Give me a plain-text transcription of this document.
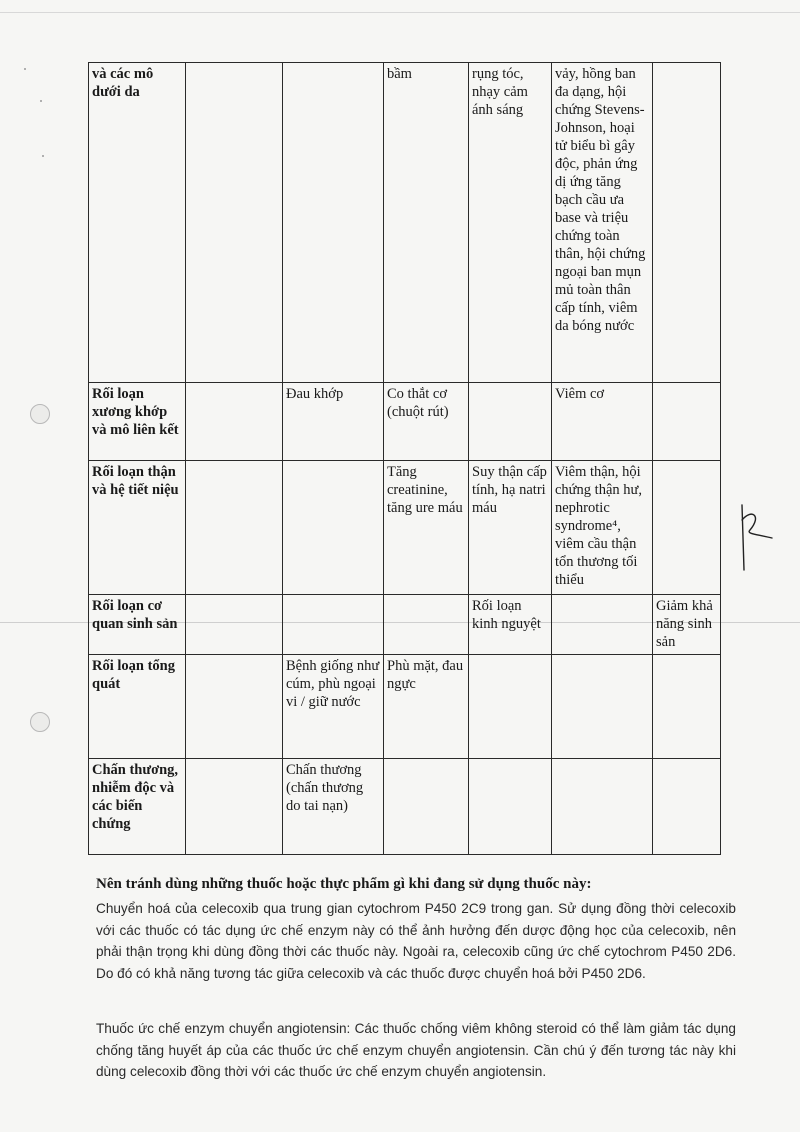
và các mô dưới da			bầm	rụng tóc, nhạy cảm ánh sáng	vảy, hồng ban đa dạng, hội chứng Stevens-Johnson, hoại tử biểu bì gây độc, phản ứng dị ứng tăng bạch cầu ưa base và triệu chứng toàn thân, hội chứng ngoại ban mụn mủ toàn thân cấp tính, viêm da bóng nước	
Rối loạn xương khớp và mô liên kết		Đau khớp	Co thắt cơ (chuột rút)		Viêm cơ	
Rối loạn thận và hệ tiết niệu			Tăng creatinine, tăng ure máu	Suy thận cấp tính, hạ natri máu	Viêm thận, hội chứng thận hư, nephrotic syndrome⁴, viêm cầu thận tổn thương tối thiểu	
Rối loạn cơ quan sinh sản				Rối loạn kinh nguyệt		Giảm khả năng sinh sản
Rối loạn tổng quát		Bệnh giống như cúm, phù ngoại vi / giữ nước	Phù mặt, đau ngực			
Chấn thương, nhiễm độc và các biến chứng		Chấn thương (chấn thương do tai nạn)				
Nên tránh dùng những thuốc hoặc thực phẩm gì khi đang sử dụng thuốc này:
Chuyển hoá của celecoxib qua trung gian cytochrom P450 2C9 trong gan. Sử dụng đồng thời celecoxib với các thuốc có tác dụng ức chế enzym này có thể ảnh hưởng đến dược động học của celecoxib, nên phải thận trọng khi dùng đồng thời các thuốc này. Ngoài ra, celecoxib cũng ức chế cytochrom P450 2D6. Do đó có khả năng tương tác giữa celecoxib và các thuốc được chuyển hoá bởi P450 2D6.
Thuốc ức chế enzym chuyển angiotensin: Các thuốc chống viêm không steroid có thể làm giảm tác dụng chống tăng huyết áp của các thuốc ức chế enzym chuyển angiotensin. Cần chú ý đến tương tác này khi dùng celecoxib đồng thời với các thuốc ức chế enzym chuyển angiotensin.
